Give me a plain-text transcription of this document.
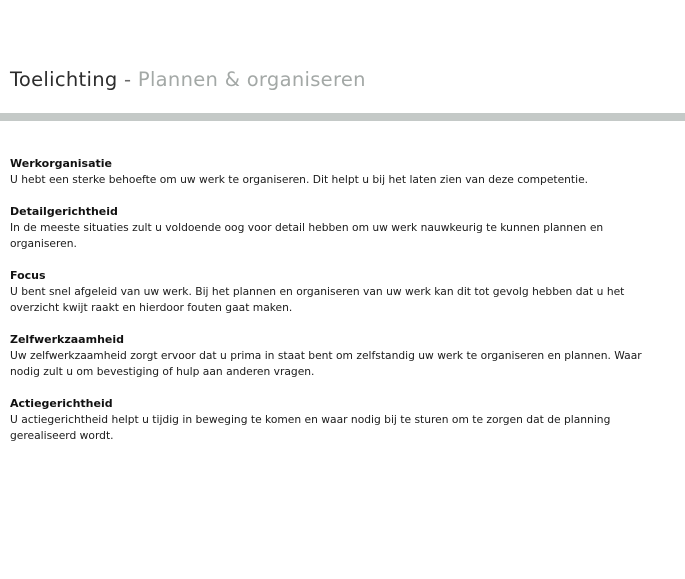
Toelichting - Plannen & organiseren
Werkorganisatie
U hebt een sterke behoefte om uw werk te organiseren. Dit helpt u bij het laten zien van deze competentie.
Detailgerichtheid
In de meeste situaties zult u voldoende oog voor detail hebben om uw werk nauwkeurig te kunnen plannen en
organiseren.
Focus
U bent snel afgeleid van uw werk. Bij het plannen en organiseren van uw werk kan dit tot gevolg hebben dat u het
overzicht kwijt raakt en hierdoor fouten gaat maken.
Zelfwerkzaamheid
Uw zelfwerkzaamheid zorgt ervoor dat u prima in staat bent om zelfstandig uw werk te organiseren en plannen. Waar
nodig zult u om bevestiging of hulp aan anderen vragen.
Actiegerichtheid
U actiegerichtheid helpt u tijdig in beweging te komen en waar nodig bij te sturen om te zorgen dat de planning
gerealiseerd wordt.
